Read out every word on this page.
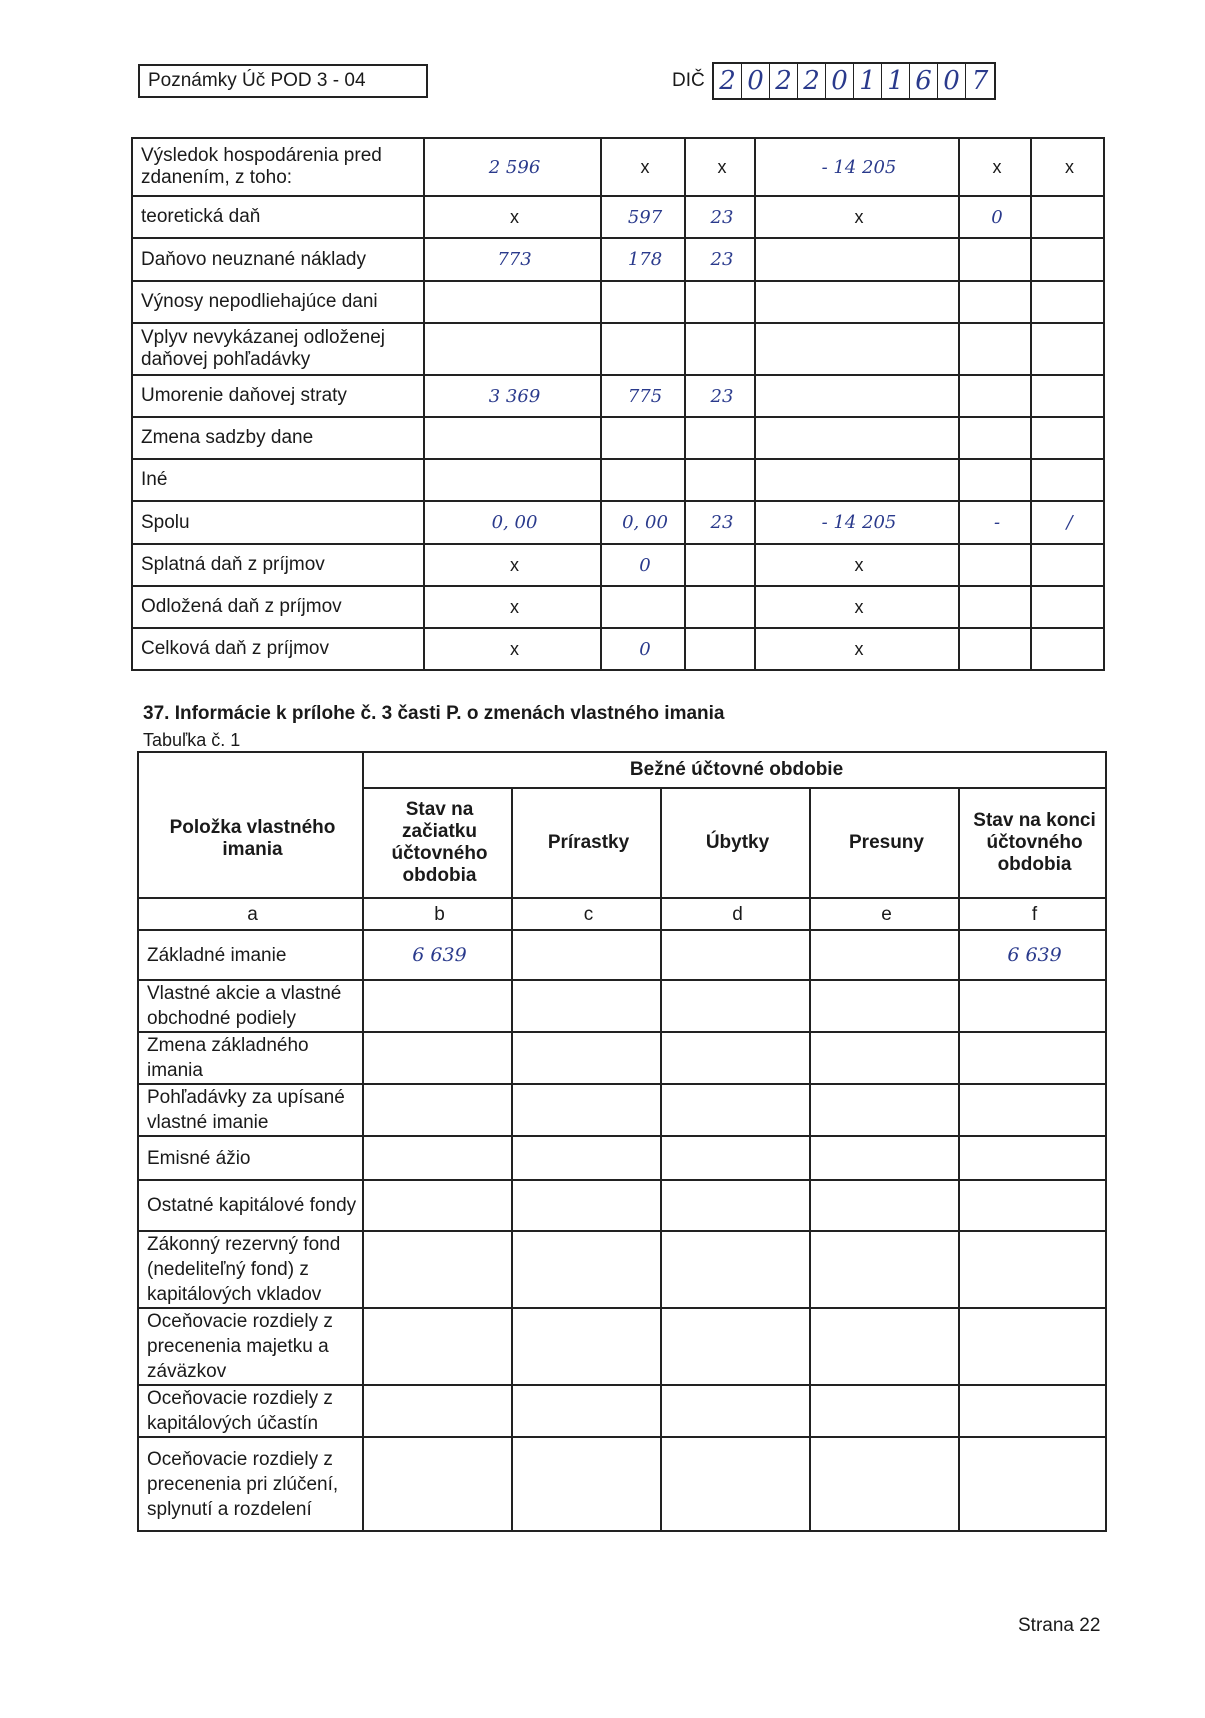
Poznámky Úč POD 3 - 04	DIČ 2 0 2 2 0 1 1 6 0 7
Výsledok hospodárenia pred zdanením, z toho:	2 596	x	x	- 14 205	x	x
teoretická daň	x	597	23	x	0	
Daňovo neuznané náklady	773	178	23			
Výnosy nepodliehajúce dani						
Vplyv nevykázanej odloženej daňovej pohľadávky						
Umorenie daňovej straty	3 369	775	23			
Zmena sadzby dane						
Iné						
Spolu	0, 00	0, 00	23	- 14 205	-	/
Splatná daň z príjmov	x	0		x		
Odložená daň z príjmov	x			x		
Celková daň z príjmov	x	0		x		
37. Informácie k prílohe č. 3 časti P. o zmenách vlastného imania
Tabuľka č. 1
Položka vlastného imania	Bežné účtovné obdobie				
	Stav na začiatku účtovného obdobia	Prírastky	Úbytky	Presuny	Stav na konci účtovného obdobia
a	b	c	d	e	f
Základné imanie	6 639				6 639
Vlastné akcie a vlastné obchodné podiely					
Zmena základného imania					
Pohľadávky za upísané vlastné imanie					
Emisné ážio					
Ostatné kapitálové fondy					
Zákonný rezervný fond (nedeliteľný fond) z kapitálových vkladov					
Oceňovacie rozdiely z precenenia majetku a záväzkov					
Oceňovacie rozdiely z kapitálových účastín					
Oceňovacie rozdiely z precenenia pri zlúčení, splynutí a rozdelení					
Strana 22
